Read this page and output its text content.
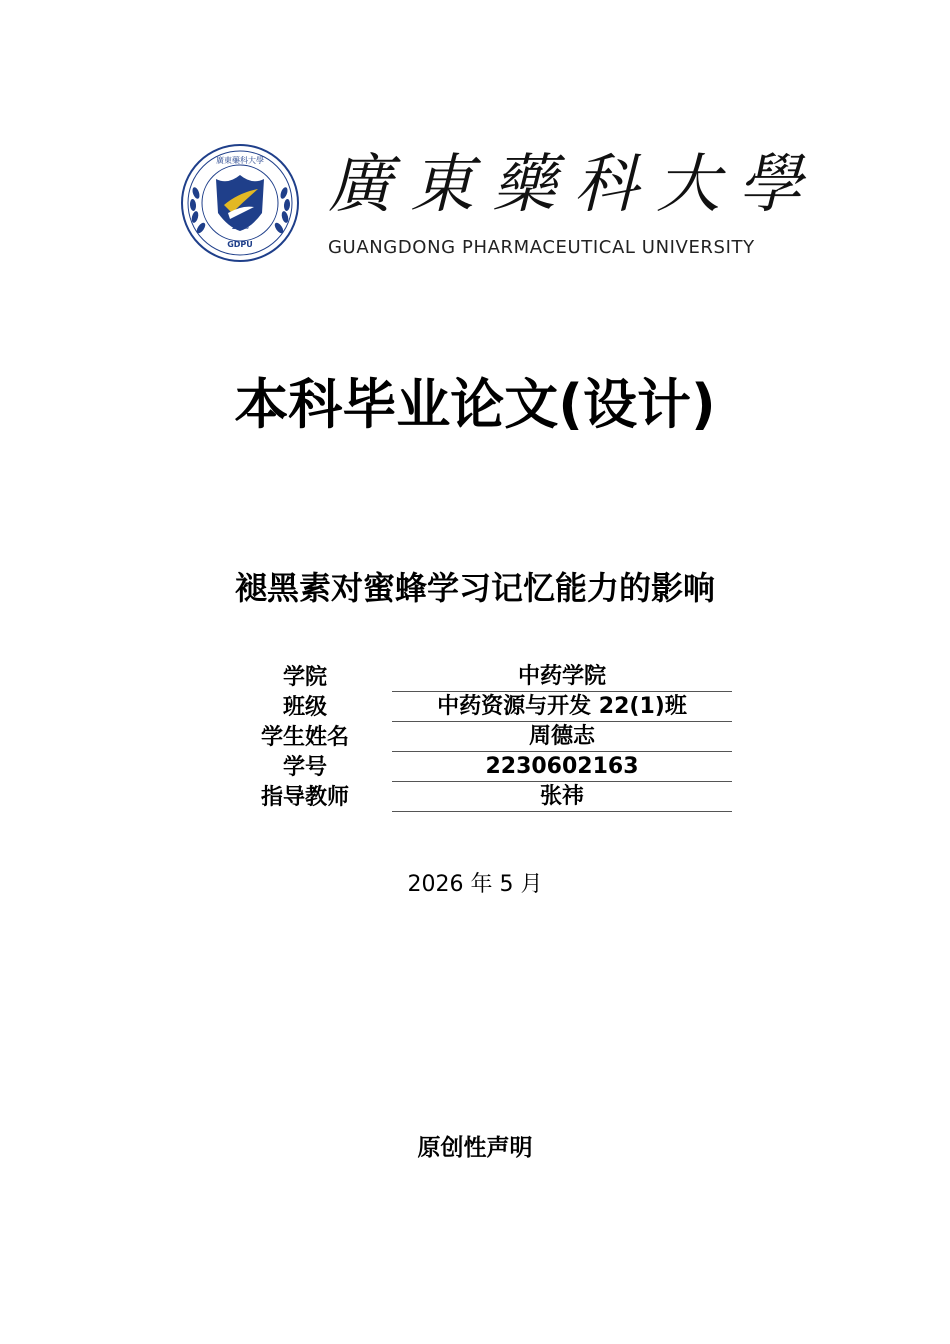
1958
GDPU
廣東藥科大學 廣東藥科大學
GUANGDONG PHARMACEUTICAL UNIVERSITY
本科毕业论文(设计)
褪黑素对蜜蜂学习记忆能力的影响
学院	中药学院
班级	中药资源与开发 22(1)班
学生姓名	周德志
学号	2230602163
指导教师	张祎
2026 年 5 月
原创性声明
